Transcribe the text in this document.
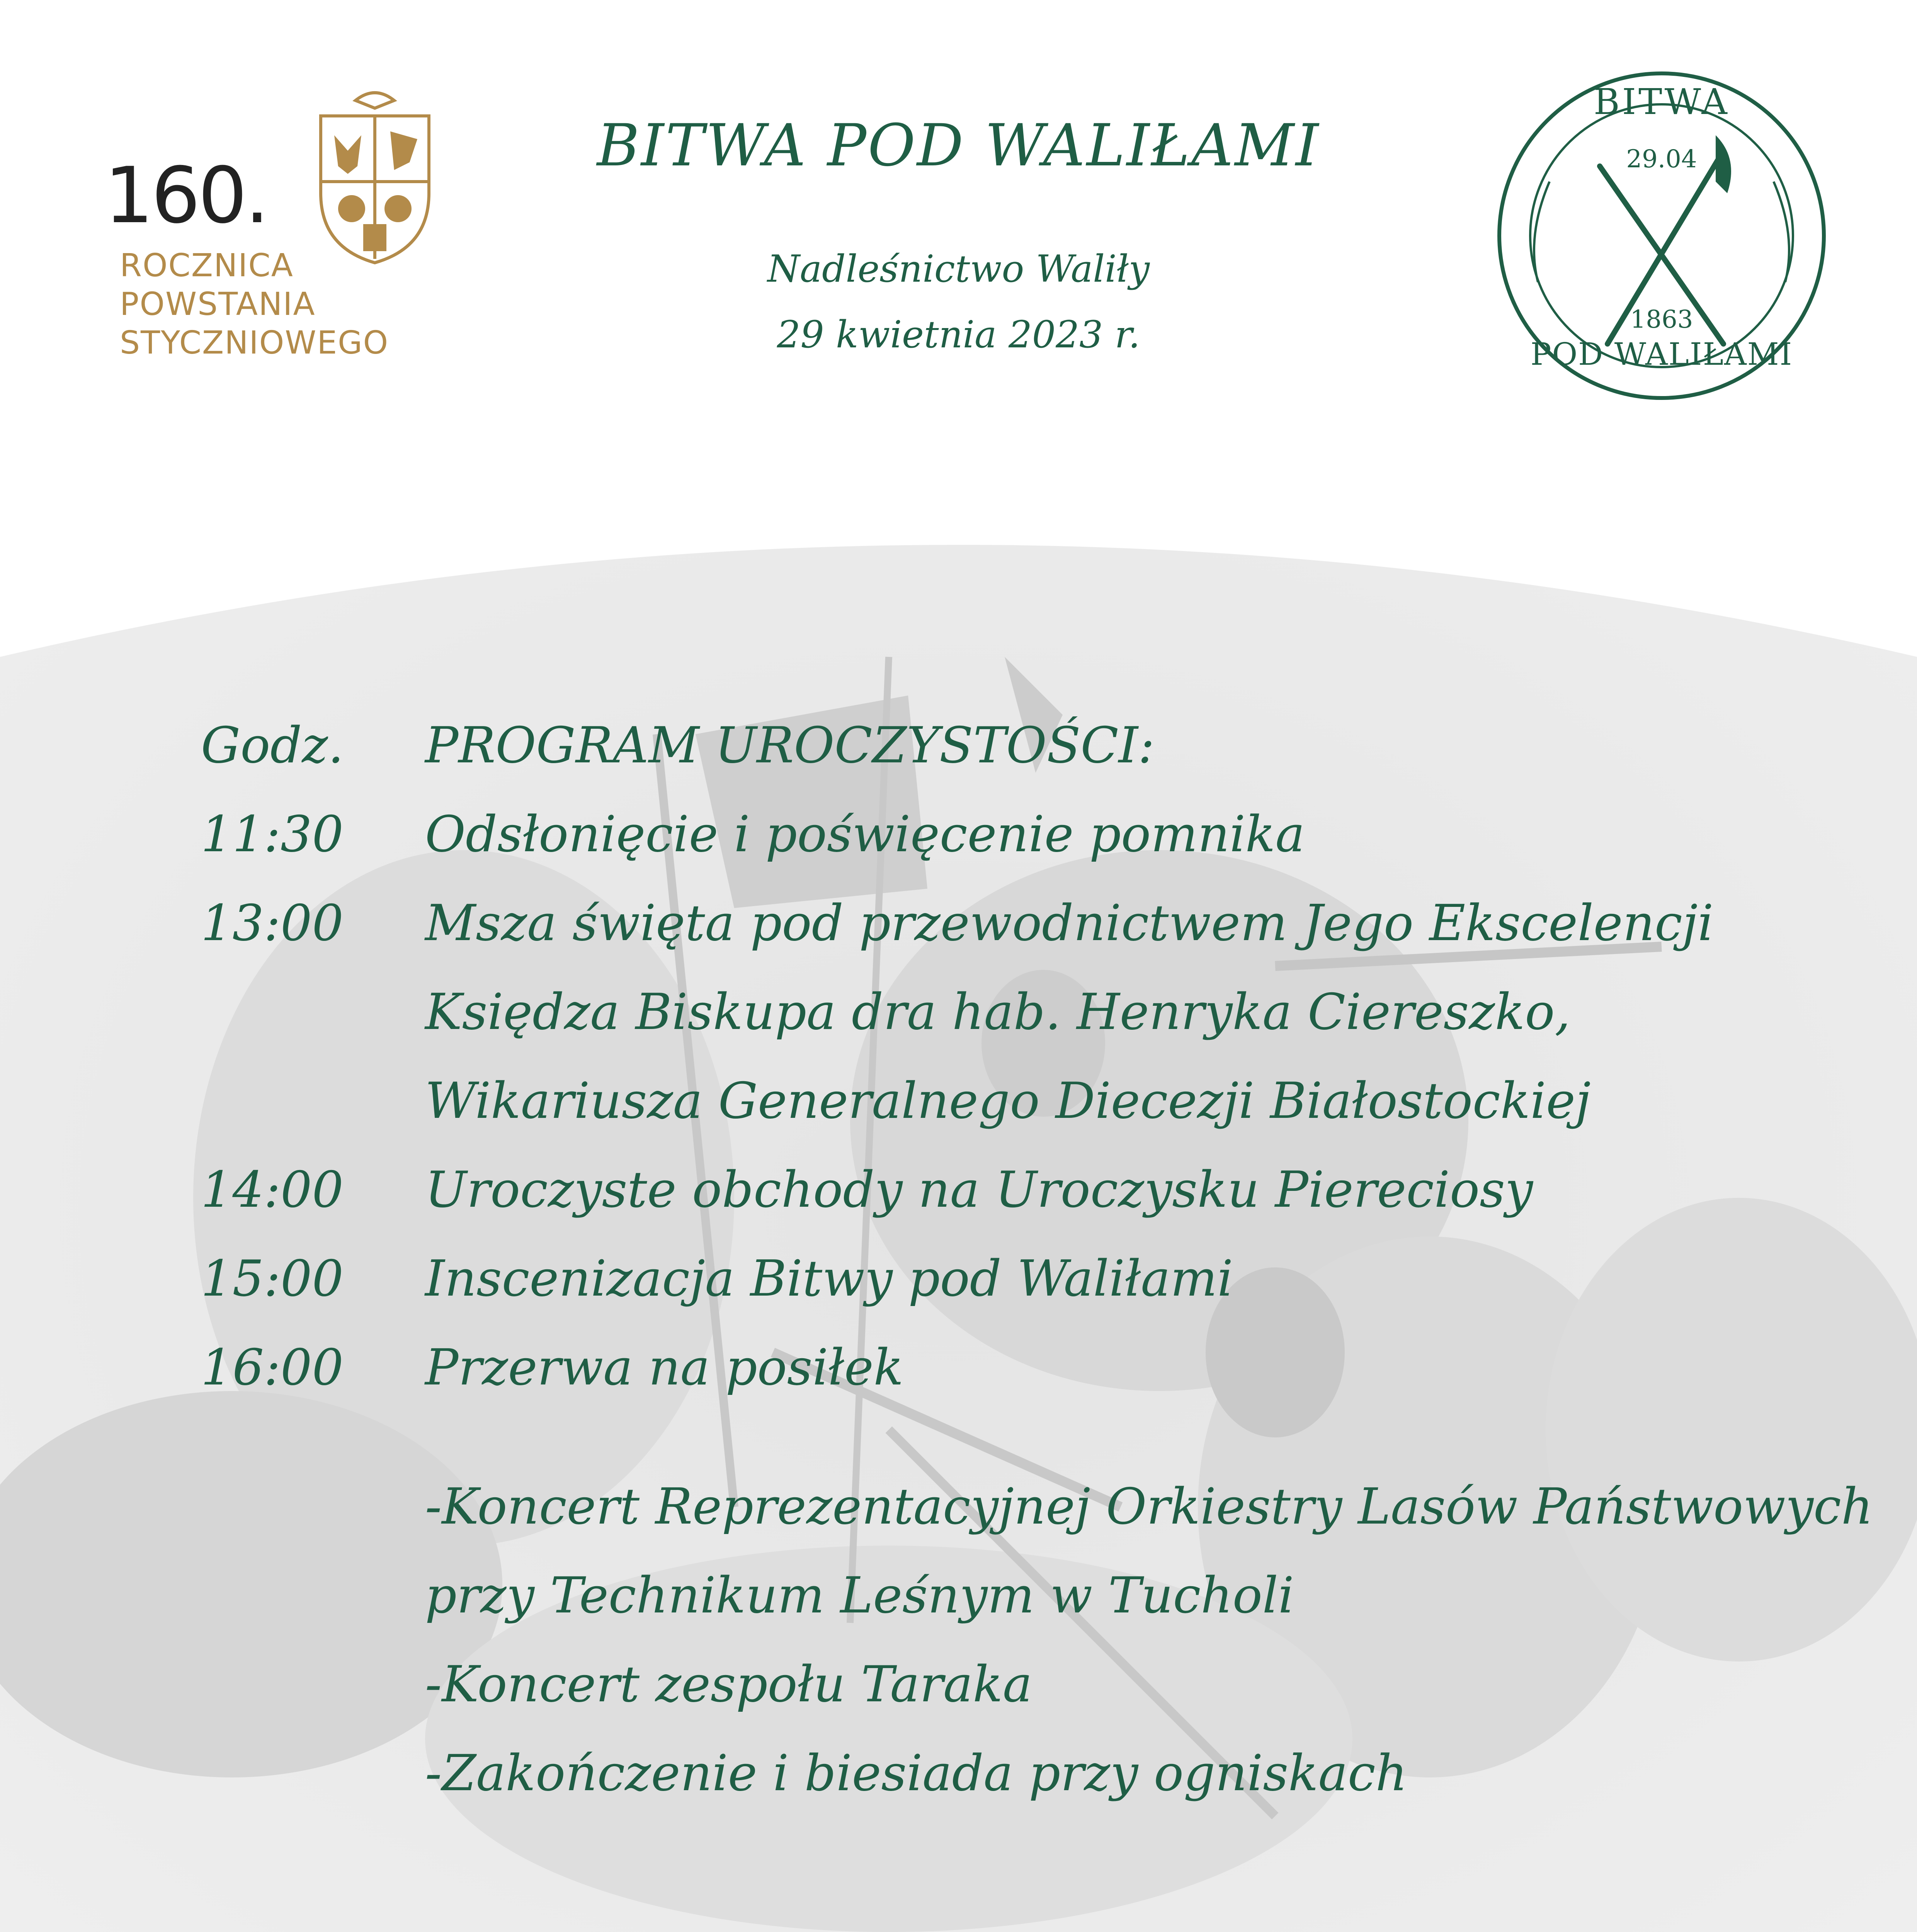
160.
ROCZNICA
POWSTANIA
STYCZNIOWEGO
BITWA POD WALIŁAMI
Nadleśnictwo Waliły
29 kwietnia 2023 r.
BITWA
29.04
1863
POD WALIŁAMI
Godz. PROGRAM UROCZYSTOŚCI:
11:30 Odsłonięcie i poświęcenie pomnika
13:00 Msza święta pod przewodnictwem Jego Ekscelencji
Księdza Biskupa dra hab. Henryka Ciereszko,
Wikariusza Generalnego Diecezji Białostockiej
14:00 Uroczyste obchody na Uroczysku Piereciosy
15:00 Inscenizacja Bitwy pod Waliłami
16:00 Przerwa na posiłek
-Koncert Reprezentacyjnej Orkiestry Lasów Państwowych
przy Technikum Leśnym w Tucholi
-Koncert zespołu Taraka
-Zakończenie i biesiada przy ogniskach
